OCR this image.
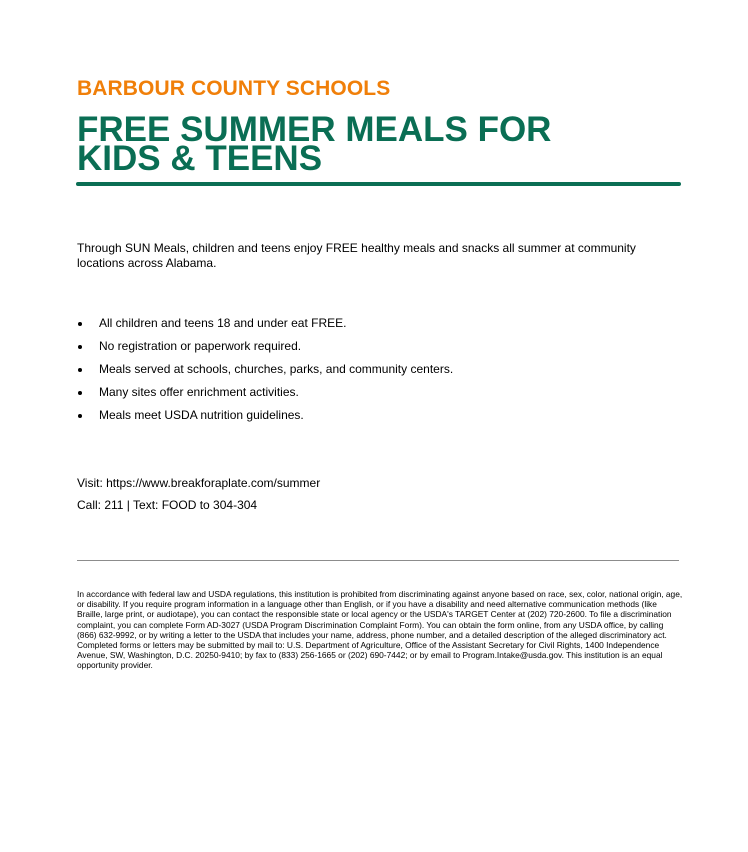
BARBOUR COUNTY SCHOOLS
FREE SUMMER MEALS FOR KIDS & TEENS

Through SUN Meals, children and teens enjoy FREE healthy meals and snacks all summer at community locations across Alabama.

All children and teens 18 and under eat FREE.
No registration or paperwork required.
Meals served at schools, churches, parks, and community centers.
Many sites offer enrichment activities.
Meals meet USDA nutrition guidelines.
Visit: https://www.breakforaplate.com/summer
Call: 211 | Text: FOOD to 304-304

In accordance with federal law and USDA regulations, this institution is prohibited from discriminating against anyone based on race, sex, color, national origin, age, or disability. If you require program information in a language other than English, or if you have a disability and need alternative communication methods (like Braille, large print, or audiotape), you can contact the responsible state or local agency or the USDA's TARGET Center at (202) 720-2600. To file a discrimination complaint, you can complete Form AD-3027 (USDA Program Discrimination Complaint Form). You can obtain the form online, from any USDA office, by calling (866) 632-9992, or by writing a letter to the USDA that includes your name, address, phone number, and a detailed description of the alleged discriminatory act. Completed forms or letters may be submitted by mail to: U.S. Department of Agriculture, Office of the Assistant Secretary for Civil Rights, 1400 Independence Avenue, SW, Washington, D.C. 20250-9410; by fax to (833) 256-1665 or (202) 690-7442; or by email to Program.Intake@usda.gov. This institution is an equal opportunity provider.
